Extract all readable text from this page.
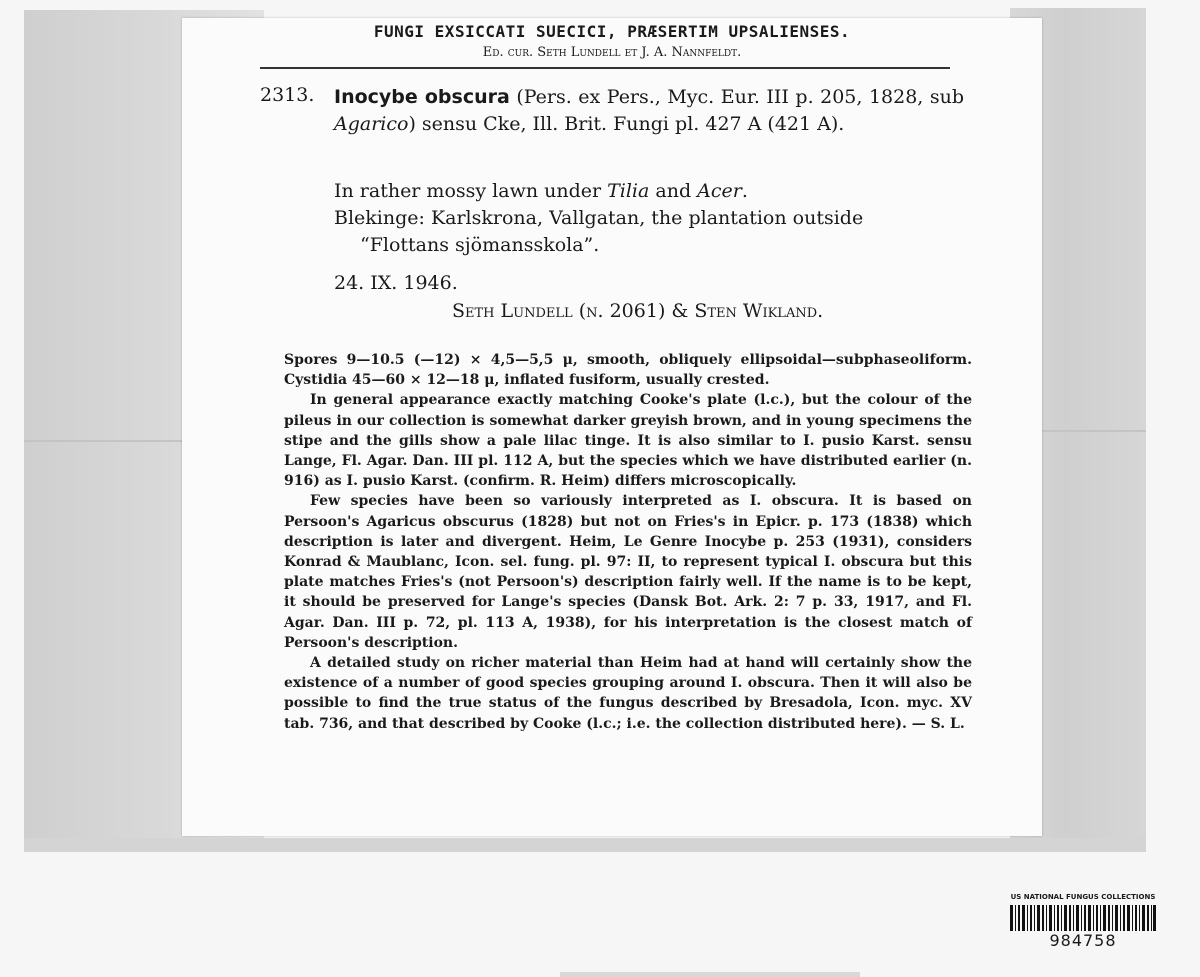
FUNGI EXSICCATI SUECICI, PRÆSERTIM UPSALIENSES.
Ed. cur. Seth Lundell et J. A. Nannfeldt.
2313. Inocybe obscura (Pers. ex Pers., Myc. Eur. III p. 205, 1828, sub Agarico) sensu Cke, Ill. Brit. Fungi pl. 427 A (421 A).
In rather mossy lawn under Tilia and Acer.
Blekinge: Karlskrona, Vallgatan, the plantation outside
“Flottans sjömansskola”.
24. IX. 1946.
Seth Lundell (n. 2061) & Sten Wikland.

Spores 9—10.5 (—12) × 4,5—5,5 μ, smooth, obliquely ellipsoidal—subphaseoliform. Cystidia 45—60 × 12—18 μ, inflated fusiform, usually crested.

In general appearance exactly matching Cooke's plate (l.c.), but the colour of the pileus in our collection is somewhat darker greyish brown, and in young specimens the stipe and the gills show a pale lilac tinge. It is also similar to I. pusio Karst. sensu Lange, Fl. Agar. Dan. III pl. 112 A, but the species which we have distributed earlier (n. 916) as I. pusio Karst. (confirm. R. Heim) differs microscopically.

Few species have been so variously interpreted as I. obscura. It is based on Persoon's Agaricus obscurus (1828) but not on Fries's in Epicr. p. 173 (1838) which description is later and divergent. Heim, Le Genre Inocybe p. 253 (1931), considers Konrad & Maublanc, Icon. sel. fung. pl. 97: II, to represent typical I. obscura but this plate matches Fries's (not Persoon's) description fairly well. If the name is to be kept, it should be preserved for Lange's species (Dansk Bot. Ark. 2: 7 p. 33, 1917, and Fl. Agar. Dan. III p. 72, pl. 113 A, 1938), for his interpretation is the closest match of Persoon's description.

A detailed study on richer material than Heim had at hand will certainly show the existence of a number of good species grouping around I. obscura. Then it will also be possible to find the true status of the fungus described by Bresadola, Icon. myc. XV tab. 736, and that described by Cooke (l.c.; i.e. the collection distributed here). — S. L.

US NATIONAL FUNGUS COLLECTIONS
984758
